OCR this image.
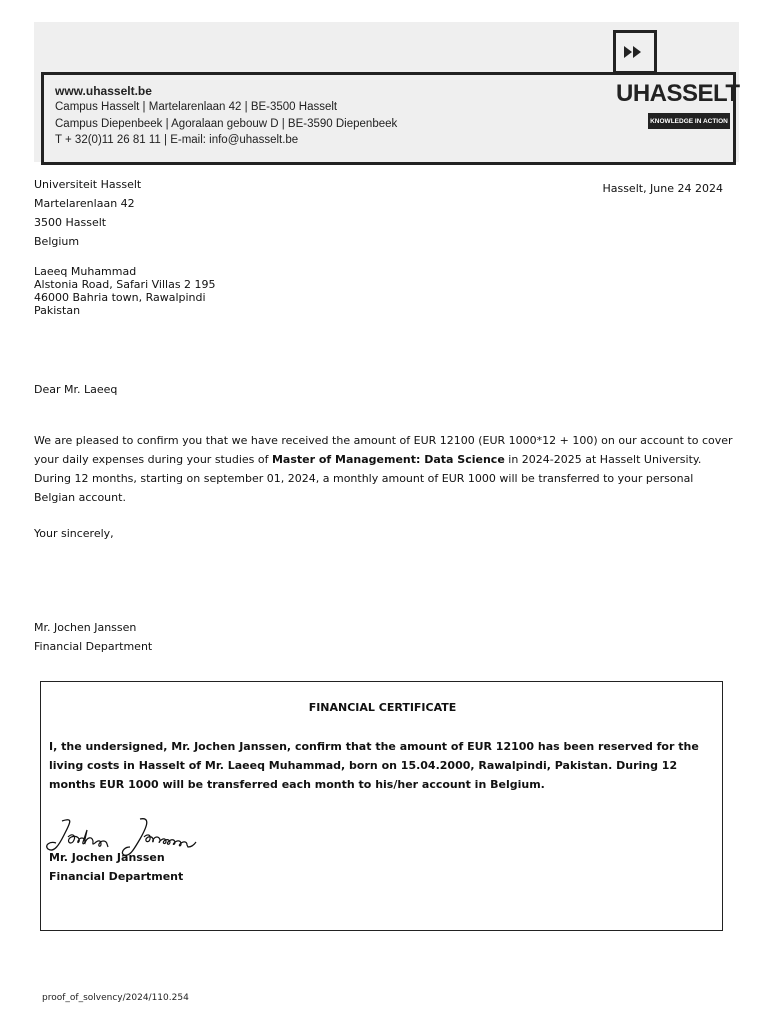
www.uhasselt.be
Campus Hasselt | Martelarenlaan 42 | BE-3500 Hasselt
Campus Diepenbeek | Agoralaan gebouw D | BE-3590 Diepenbeek
T + 32(0)11 26 81 11 | E-mail: info@uhasselt.be
UHASSELT
KNOWLEDGE IN ACTION
Universiteit Hasselt
Martelarenlaan 42
3500 Hasselt
Belgium
Hasselt, June 24 2024
Laeeq Muhammad
Alstonia Road, Safari Villas 2 195
46000 Bahria town, Rawalpindi
Pakistan
Dear Mr. Laeeq
We are pleased to confirm you that we have received the amount of EUR 12100 (EUR 1000*12 + 100) on our account to cover your daily expenses during your studies of Master of Management: Data Science in 2024-2025 at Hasselt University. During 12 months, starting on september 01, 2024, a monthly amount of EUR 1000 will be transferred to your personal Belgian account.
Your sincerely,
Mr. Jochen Janssen
Financial Department
FINANCIAL CERTIFICATE
I, the undersigned, Mr. Jochen Janssen, confirm that the amount of EUR 12100 has been reserved for the living costs in Hasselt of Mr. Laeeq Muhammad, born on 15.04.2000, Rawalpindi, Pakistan. During 12 months EUR 1000 will be transferred each month to his/her account in Belgium.
Mr. Jochen Janssen
Financial Department
proof_of_solvency/2024/110.254
